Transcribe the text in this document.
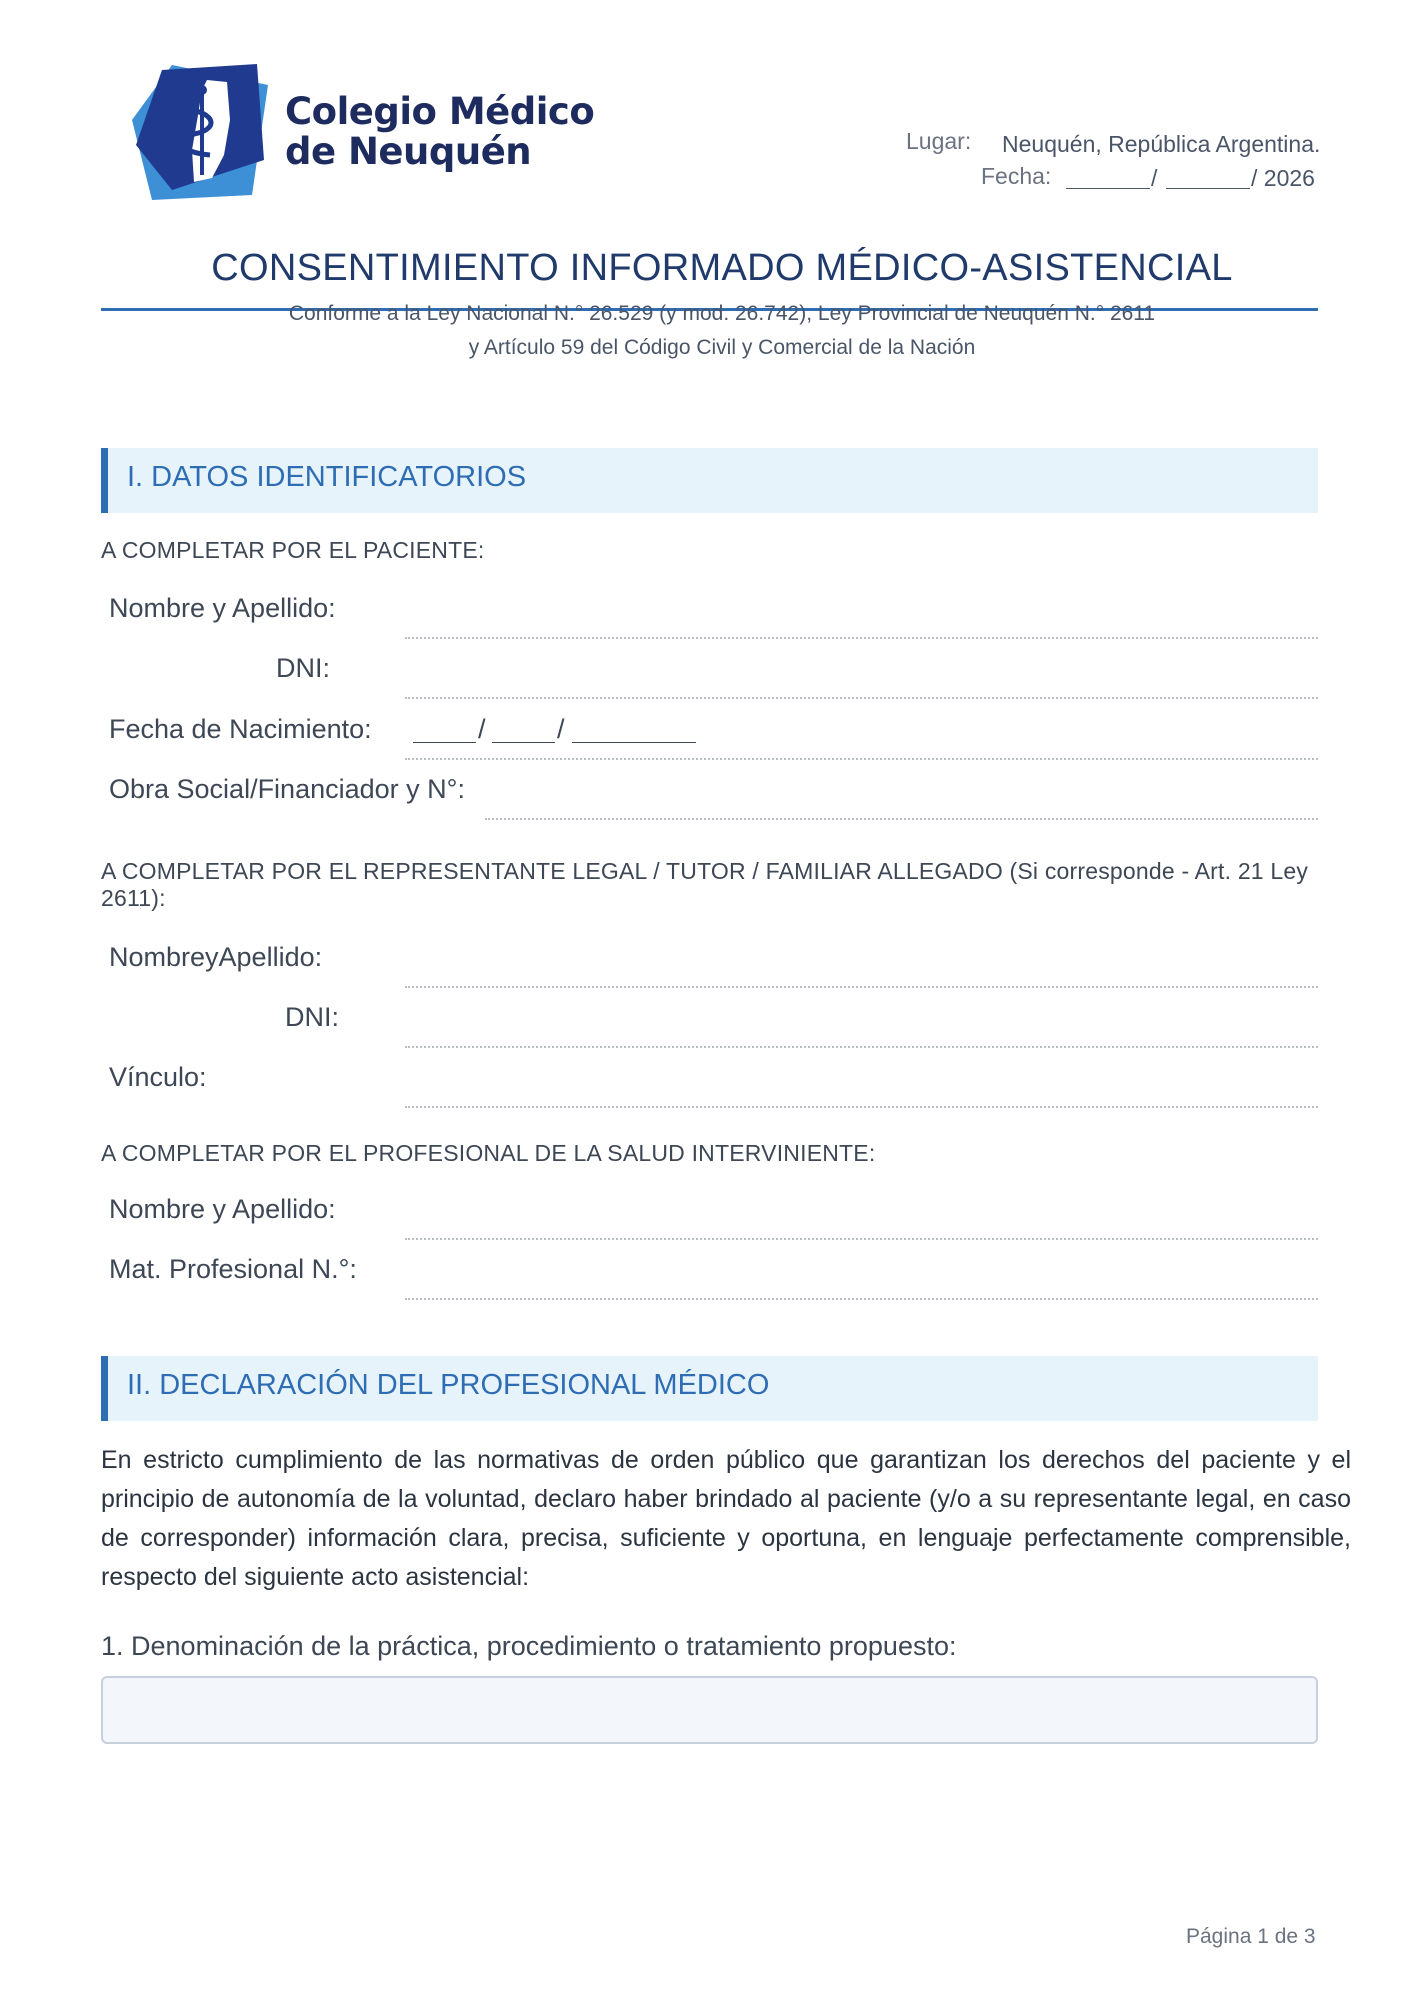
Colegio Médico
de Neuquén	Lugar: Neuquén, República Argentina.
Fecha:	/	/ 2026
CONSENTIMIENTO INFORMADO MÉDICO-ASISTENCIAL
Conforme a la Ley Nacional N.° 26.529 (y mod. 26.742), Ley Provincial de Neuquén N.° 2611
y Artículo 59 del Código Civil y Comercial de la Nación
I. DATOS IDENTIFICATORIOS
A COMPLETAR POR EL PACIENTE:
Nombre y Apellido:
DNI:
Fecha de Nacimiento:	/	/
Obra Social/Financiador y N°:
A COMPLETAR POR EL REPRESENTANTE LEGAL / TUTOR / FAMILIAR ALLEGADO (Si corresponde - Art. 21 Ley 2611):
NombreyApellido:
DNI:
Vínculo:
A COMPLETAR POR EL PROFESIONAL DE LA SALUD INTERVINIENTE:
Nombre y Apellido:
Mat. Profesional N.°:
II. DECLARACIÓN DEL PROFESIONAL MÉDICO
En estricto cumplimiento de las normativas de orden público que garantizan los derechos del paciente y el principio de autonomía de la voluntad, declaro haber brindado al paciente (y/o a su representante legal, en caso de corresponder) información clara, precisa, suficiente y oportuna, en lenguaje perfectamente comprensible, respecto del siguiente acto asistencial:
1. Denominación de la práctica, procedimiento o tratamiento propuesto:
Página 1 de 3
